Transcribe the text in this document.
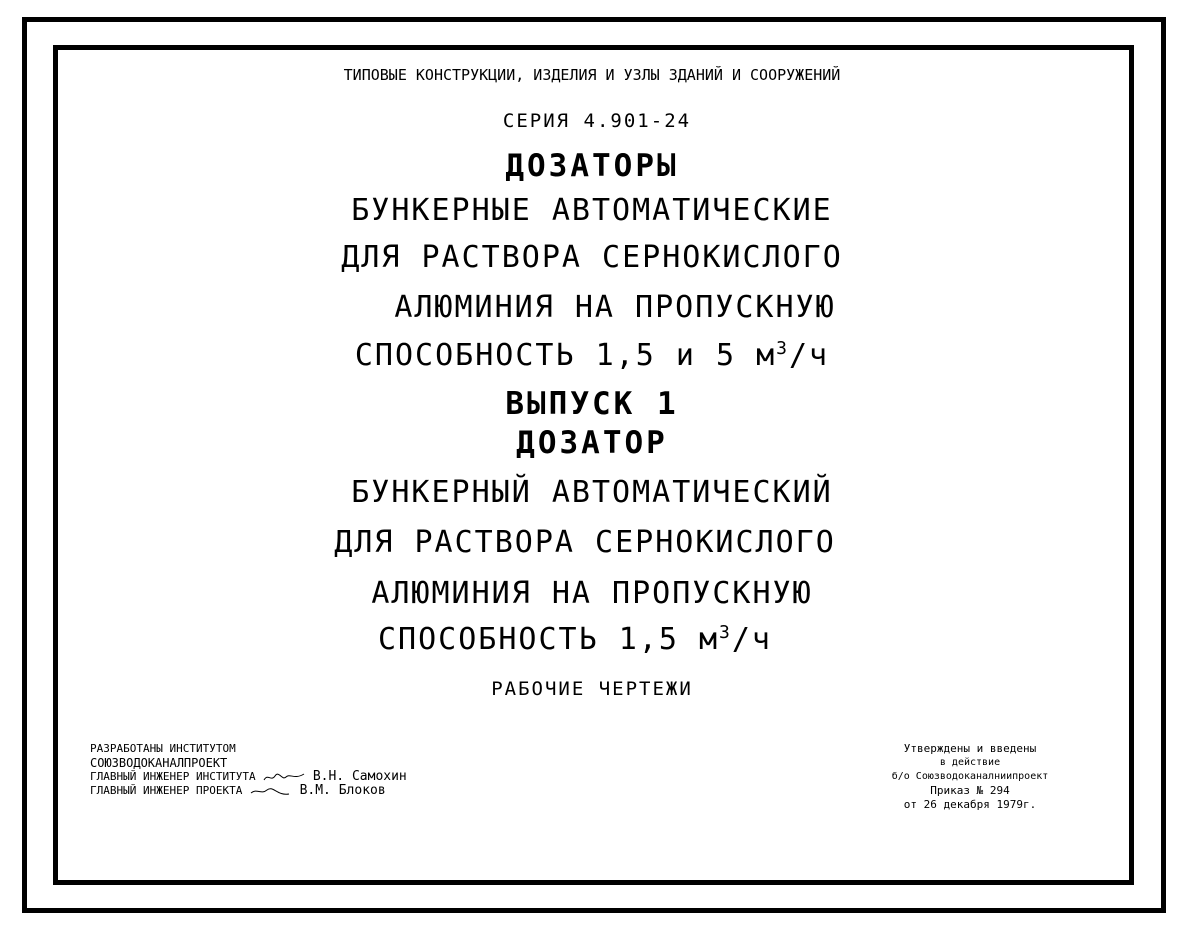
ТИПОВЫЕ КОНСТРУКЦИИ, ИЗДЕЛИЯ И УЗЛЫ ЗДАНИЙ И СООРУЖЕНИЙ
СЕРИЯ 4.901-24
ДОЗАТОРЫ
БУНКЕРНЫЕ АВТОМАТИЧЕСКИЕ
ДЛЯ РАСТВОРА СЕРНОКИСЛОГО
АЛЮМИНИЯ НА ПРОПУСКНУЮ
СПОСОБНОСТЬ 1,5 и 5 $м^3/ч$
ВЫПУСК 1
ДОЗАТОР
БУНКЕРНЫЙ АВТОМАТИЧЕСКИЙ
ДЛЯ РАСТВОРА СЕРНОКИСЛОГО
АЛЮМИНИЯ НА ПРОПУСКНУЮ
СПОСОБНОСТЬ 1,5 $м^3/ч$
РАБОЧИЕ ЧЕРТЕЖИ
РАЗРАБОТАНЫ ИНСТИТУТОМ
СОЮЗВОДОКАНАЛПРОЕКТ
ГЛАВНЫЙ ИНЖЕНЕР ИНСТИТУТА	В.Н. Самохин
ГЛАВНЫЙ ИНЖЕНЕР ПРОЕКТА	В.М. Блоков
Утверждены и введены
в действие
б/о Союзводоканалниипроект
Приказ № 294
от 26 декабря 1979г.
